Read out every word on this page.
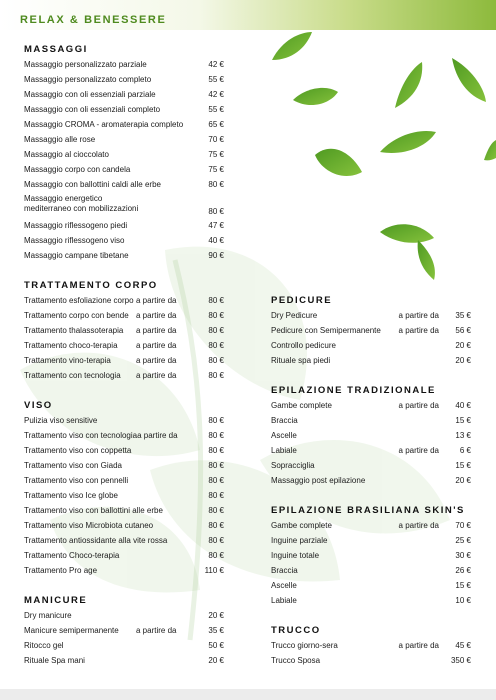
RELAX & BENESSERE
MASSAGGI
Massaggio personalizzato parziale	42 €
Massaggio personalizzato completo	55 €
Massaggio con oli essenziali parziale	42 €
Massaggio con oli essenziali completo	55 €
Massaggio CROMA - aromaterapia completo	65 €
Massaggio alle rose	70 €
Massaggio al cioccolato	75 €
Massaggio corpo con candela	75 €
Massaggio con ballottini caldi alle erbe	80 €
Massaggio energetico mediterraneo con mobilizzazioni	80 €
Massaggio riflessogeno piedi	47 €
Massaggio riflessogeno viso	40 €
Massaggio campane tibetane	90 €
TRATTAMENTO CORPO
Trattamento esfoliazione corpo a partire da	80 €
Trattamento corpo con bende a partire da	80 €
Trattamento thalassoterapia	a partire da	80 €
Trattamento choco-terapia	a partire da	80 €
Trattamento vino-terapia	a partire da	80 €
Trattamento con tecnologia	a partire da	80 €
VISO
Pulizia viso sensitive	80 €
Trattamento viso con tecnologia a partire da	80 €
Trattamento viso con coppetta	80 €
Trattamento viso con Giada	80 €
Trattamento viso con pennelli	80 €
Trattamento viso Ice globe	80 €
Trattamento viso con ballottini alle erbe	80 €
Trattamento viso Microbiota cutaneo	80 €
Trattamento antiossidante alla vite rossa	80 €
Trattamento Choco-terapia	80 €
Trattamento Pro age	110 €
MANICURE
Dry manicure	20 €
Manicure semipermanente	a partire da	35 €
Ritocco gel	50 €
Rituale Spa mani	20 €
PEDICURE
Dry Pedicure	a partire da	35 €
Pedicure con Semipermanente	a partire da	56 €
Controllo pedicure	20 €
Rituale spa piedi	20 €
EPILAZIONE TRADIZIONALE
Gambe complete	a partire da	40 €
Braccia	15 €
Ascelle	13 €
Labiale	a partire da	6 €
Sopracciglia	15 €
Massaggio post epilazione	20 €
EPILAZIONE BRASILIANA SKIN'S
Gambe complete	a partire da	70 €
Inguine parziale	25 €
Inguine totale	30 €
Braccia	26 €
Ascelle	15 €
Labiale	10 €
TRUCCO
Trucco giorno-sera	a partire da	45 €
Trucco Sposa	350 €
